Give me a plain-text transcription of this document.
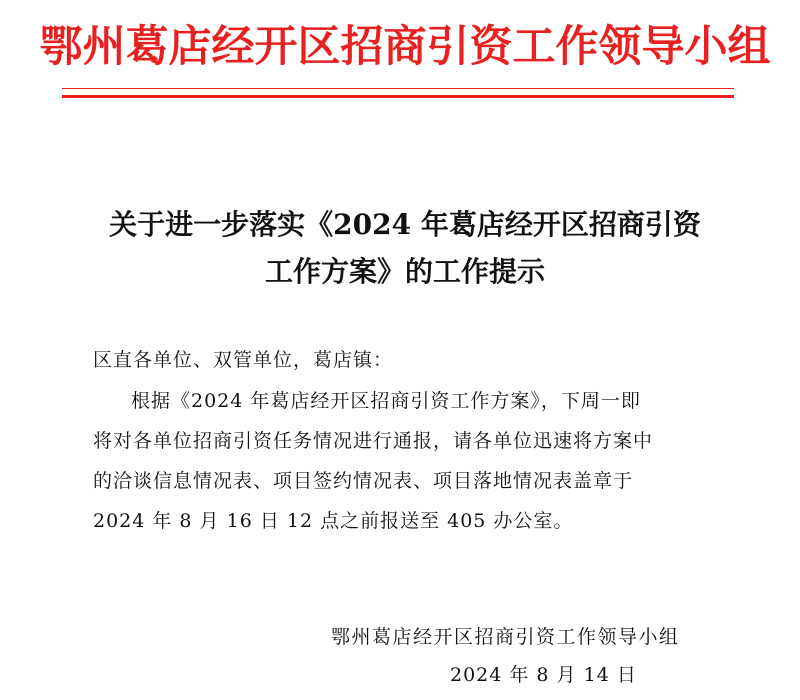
鄂州葛店经开区招商引资工作领导小组
关于进一步落实《2024 年葛店经开区招商引资
工作方案》的工作提示
区直各单位、双管单位，葛店镇：
根据《2024 年葛店经开区招商引资工作方案》，下周一即
将对各单位招商引资任务情况进行通报，请各单位迅速将方案中
的洽谈信息情况表、项目签约情况表、项目落地情况表盖章于
2024 年 8 月 16 日 12 点之前报送至 405 办公室。
鄂州葛店经开区招商引资工作领导小组
2024 年 8 月 14 日
